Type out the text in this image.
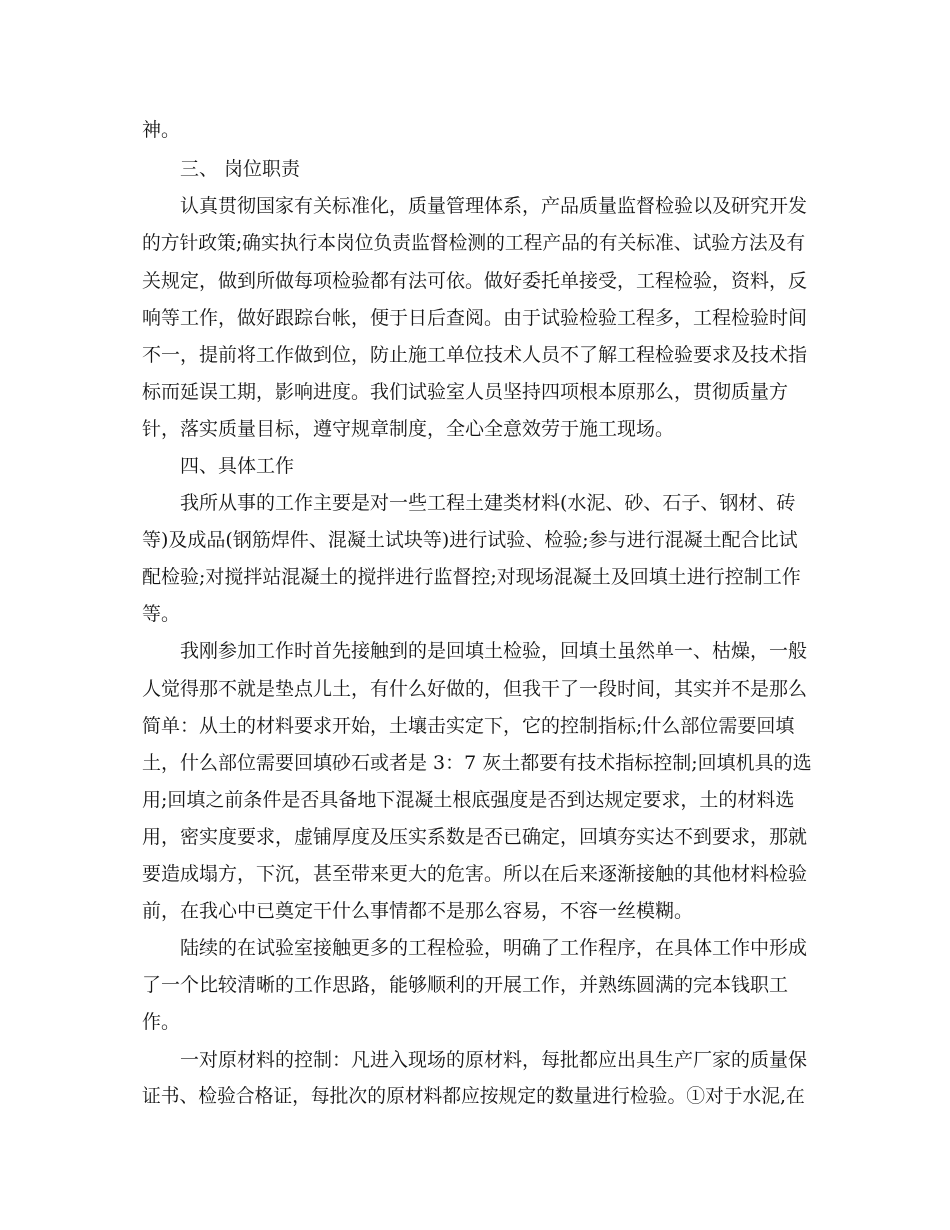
神。
三、 岗位职责
认真贯彻国家有关标准化，质量管理体系，产品质量监督检验以及研究开发
的方针政策;确实执行本岗位负责监督检测的工程产品的有关标准、试验方法及有
关规定，做到所做每项检验都有法可依。做好委托单接受，工程检验，资料，反
响等工作，做好跟踪台帐，便于日后查阅。由于试验检验工程多，工程检验时间
不一，提前将工作做到位，防止施工单位技术人员不了解工程检验要求及技术指
标而延误工期，影响进度。我们试验室人员坚持四项根本原那么，贯彻质量方
针，落实质量目标，遵守规章制度，全心全意效劳于施工现场。
四、具体工作
我所从事的工作主要是对一些工程土建类材料(水泥、砂、石子、钢材、砖
等)及成品(钢筋焊件、混凝土试块等)进行试验、检验;参与进行混凝土配合比试
配检验;对搅拌站混凝土的搅拌进行监督控;对现场混凝土及回填土进行控制工作
等。
我刚参加工作时首先接触到的是回填土检验，回填土虽然单一、枯燥，一般
人觉得那不就是垫点儿土，有什么好做的，但我干了一段时间，其实并不是那么
简单：从土的材料要求开始，土壤击实定下，它的控制指标;什么部位需要回填
土，什么部位需要回填砂石或者是 3：7 灰土都要有技术指标控制;回填机具的选
用;回填之前条件是否具备地下混凝土根底强度是否到达规定要求，土的材料选
用，密实度要求，虚铺厚度及压实系数是否已确定，回填夯实达不到要求，那就
要造成塌方，下沉，甚至带来更大的危害。所以在后来逐渐接触的其他材料检验
前，在我心中已奠定干什么事情都不是那么容易，不容一丝模糊。
陆续的在试验室接触更多的工程检验，明确了工作程序，在具体工作中形成
了一个比较清晰的工作思路，能够顺利的开展工作，并熟练圆满的完本钱职工
作。
一对原材料的控制：凡进入现场的原材料，每批都应出具生产厂家的质量保
证书、检验合格证，每批次的原材料都应按规定的数量进行检验。①对于水泥,在
